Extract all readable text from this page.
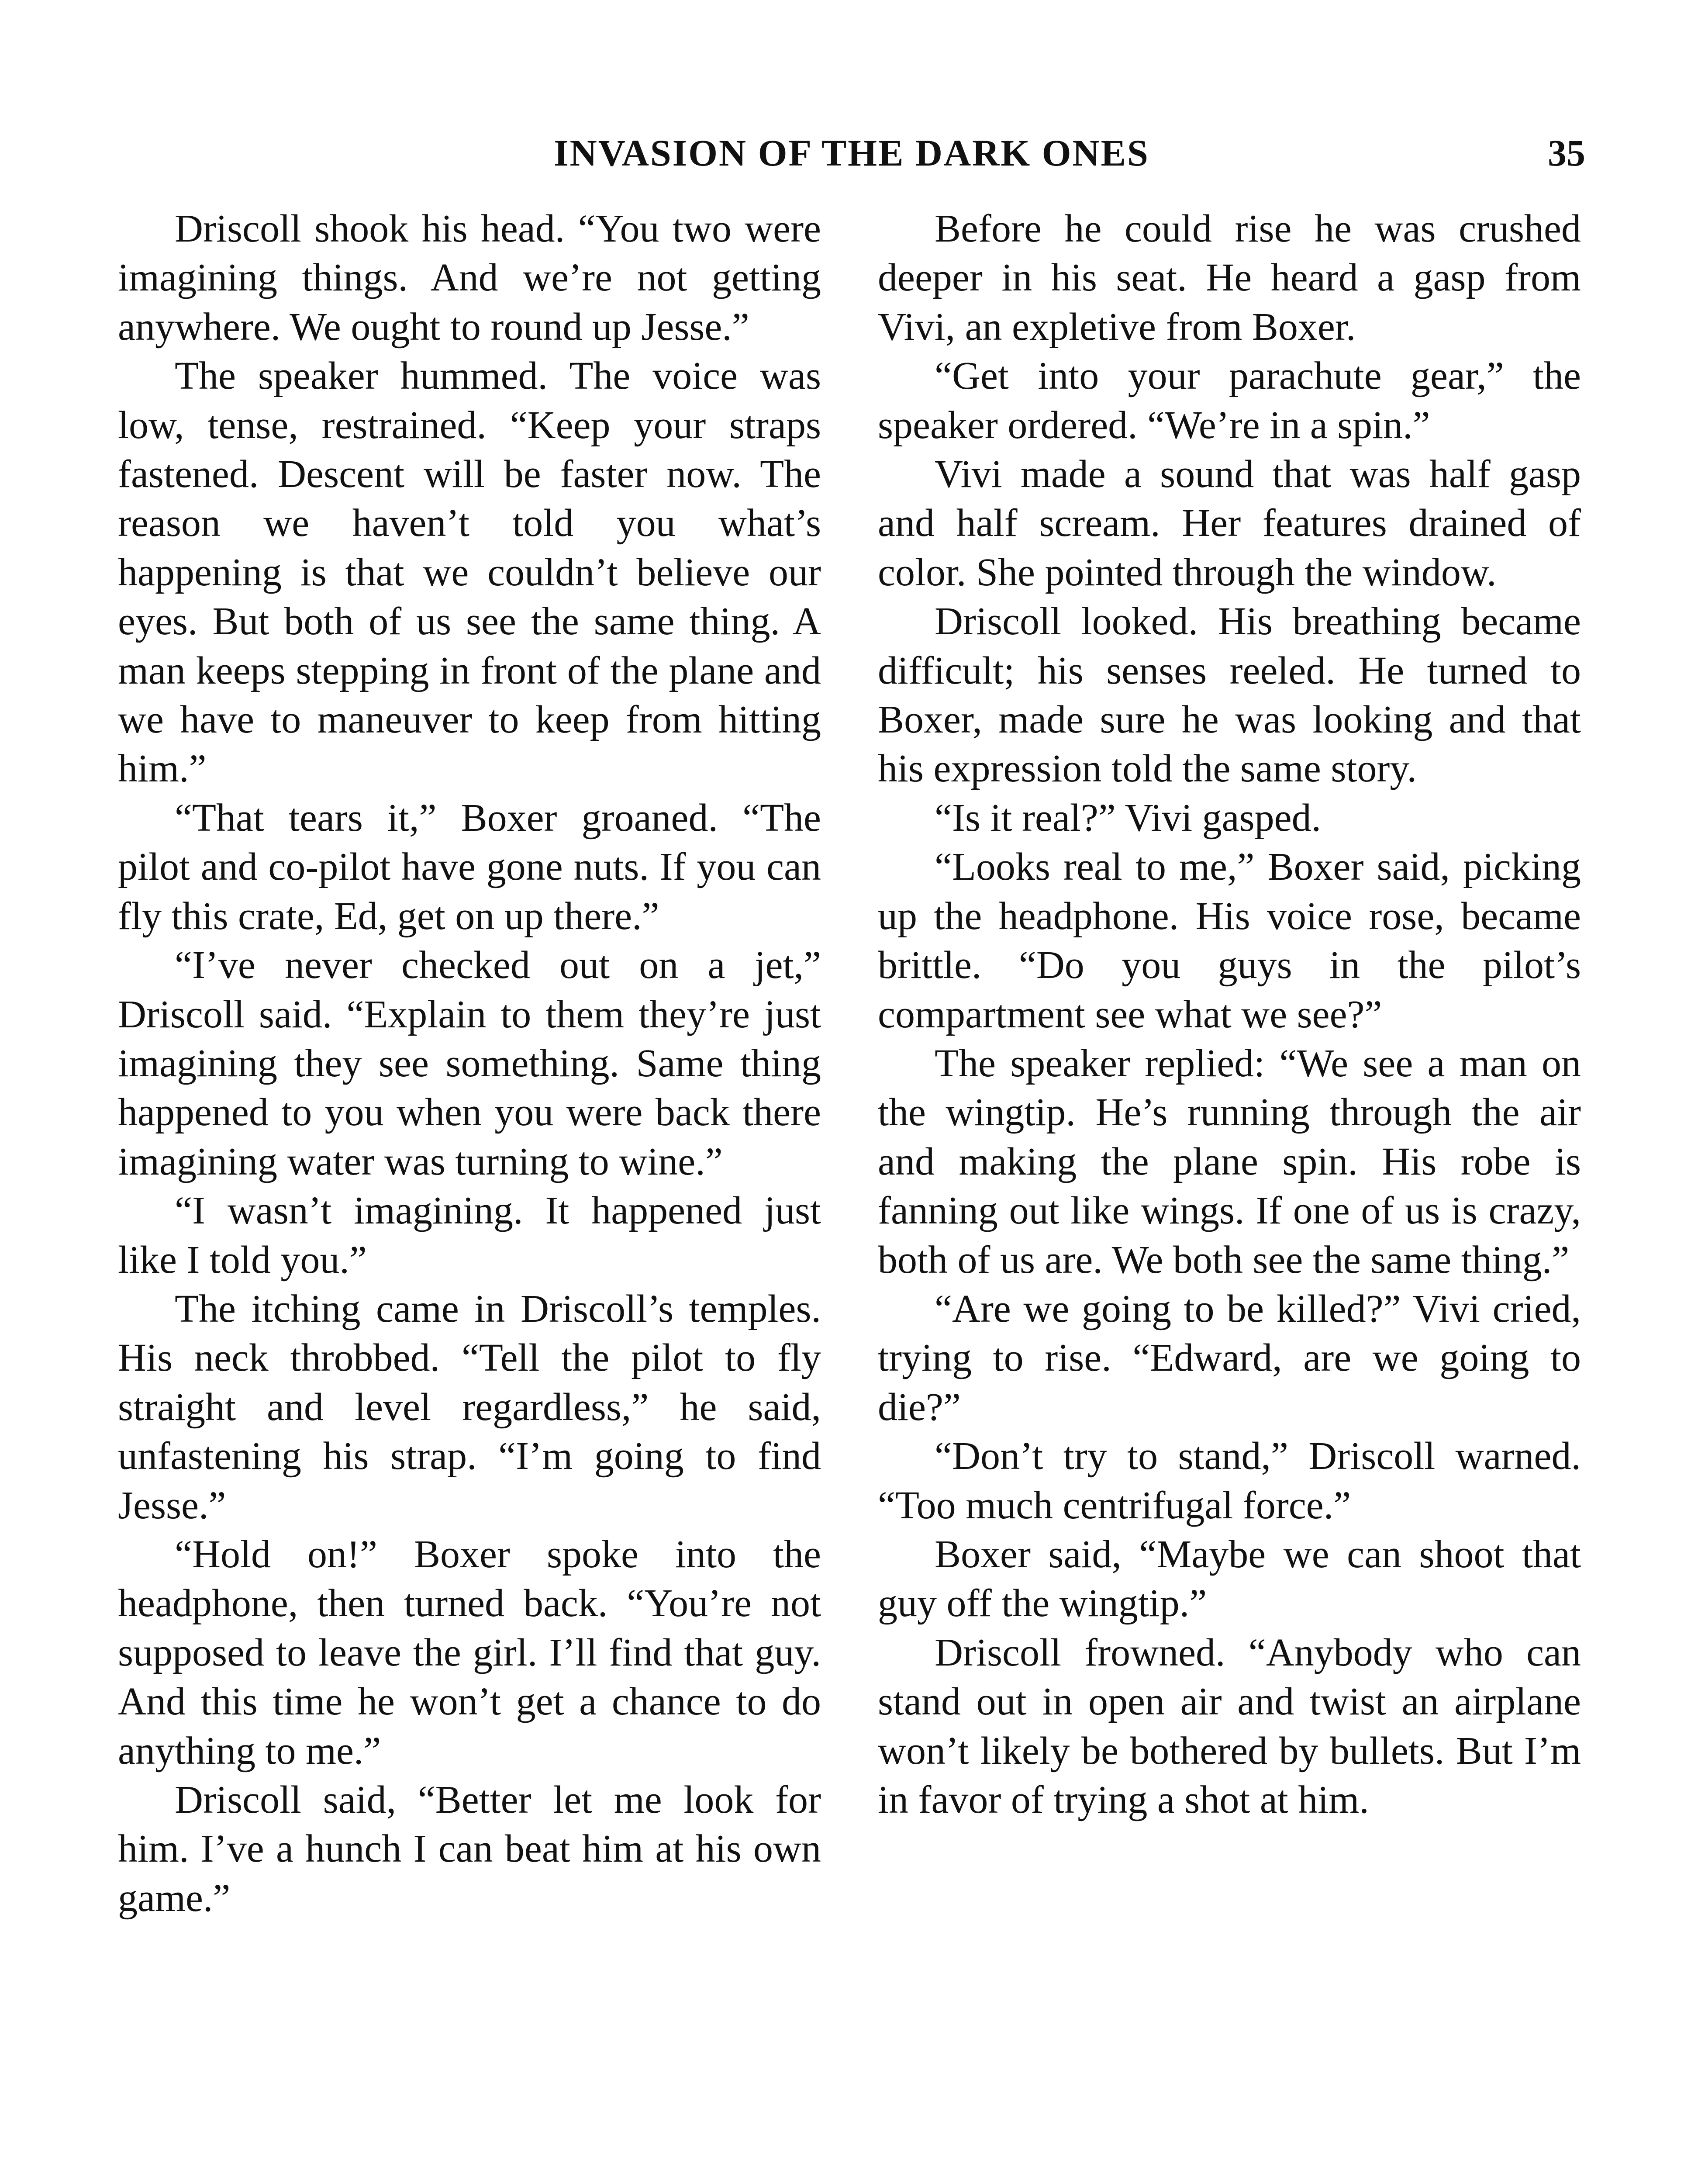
INVASION OF THE DARK ONES	35

Driscoll shook his head. “You two were imagining things. And we’re not getting anywhere. We ought to round up Jesse.”

The speaker hummed. The voice was low, tense, restrained. “Keep your straps fastened. Descent will be faster now. The reason we haven’t told you what’s happening is that we couldn’t believe our eyes. But both of us see the same thing. A man keeps stepping in front of the plane and we have to maneuver to keep from hitting him.”

“That tears it,” Boxer groaned. “The pilot and co-pilot have gone nuts. If you can fly this crate, Ed, get on up there.”

“I’ve never checked out on a jet,” Driscoll said. “Explain to them they’re just imagining they see something. Same thing happened to you when you were back there imagining water was turning to wine.”

“I wasn’t imagining. It happened just like I told you.”

The itching came in Driscoll’s temples. His neck throbbed. “Tell the pilot to fly straight and level regardless,” he said, unfastening his strap. “I’m going to find Jesse.”

“Hold on!” Boxer spoke into the headphone, then turned back. “You’re not supposed to leave the girl. I’ll find that guy. And this time he won’t get a chance to do anything to me.”

Driscoll said, “Better let me look for him. I’ve a hunch I can beat him at his own game.”

Before he could rise he was crushed deeper in his seat. He heard a gasp from Vivi, an expletive from Boxer.

“Get into your parachute gear,” the speaker ordered. “We’re in a spin.”

Vivi made a sound that was half gasp and half scream. Her features drained of color. She pointed through the window.

Driscoll looked. His breathing became difficult; his senses reeled. He turned to Boxer, made sure he was looking and that his expression told the same story.

“Is it real?” Vivi gasped.

“Looks real to me,” Boxer said, picking up the headphone. His voice rose, became brittle. “Do you guys in the pilot’s compartment see what we see?”

The speaker replied: “We see a man on the wingtip. He’s running through the air and making the plane spin. His robe is fanning out like wings. If one of us is crazy, both of us are. We both see the same thing.”

“Are we going to be killed?” Vivi cried, trying to rise. “Edward, are we going to die?”

“Don’t try to stand,” Driscoll warned. “Too much centrifugal force.”

Boxer said, “Maybe we can shoot that guy off the wingtip.”

Driscoll frowned. “Anybody who can stand out in open air and twist an airplane won’t likely be bothered by bullets. But I’m in favor of trying a shot at him.
